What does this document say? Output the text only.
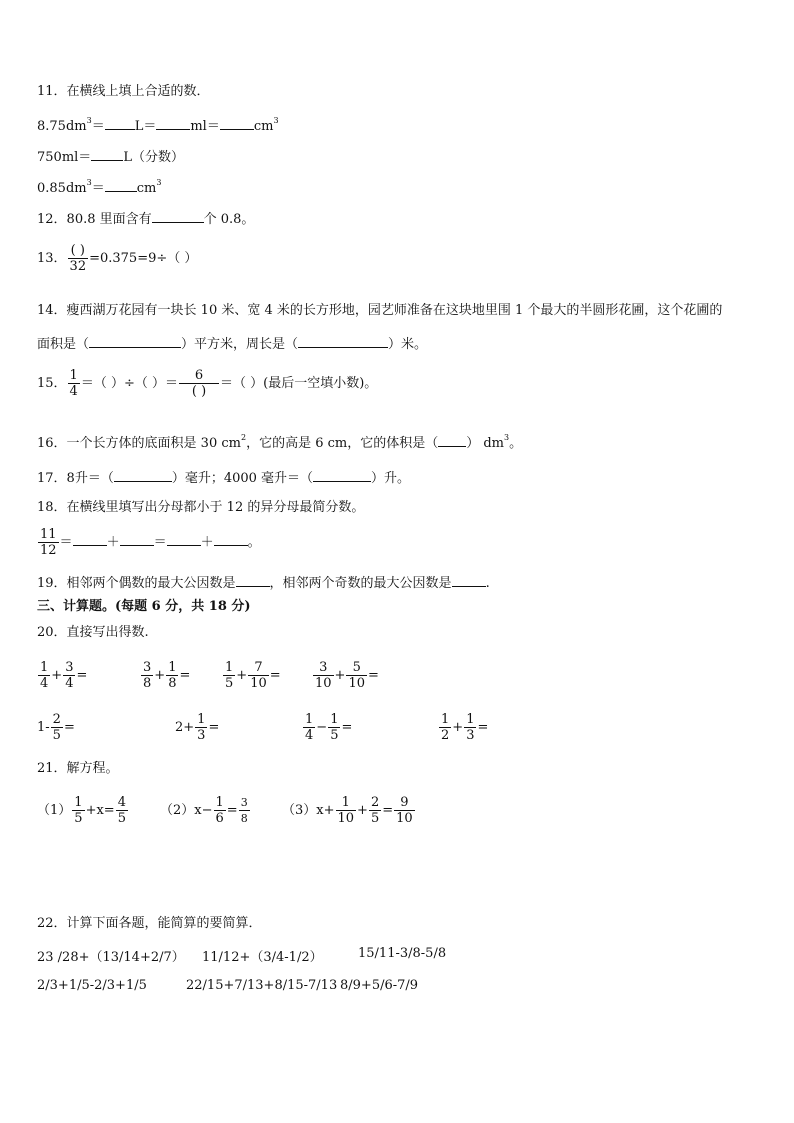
11．在横线上填上合适的数．
$8.75dm^3= L=$	ml＝	$cm^3$
750ml＝ L（分数）
$0.85dm^3= cm^3$
12．80.8 里面含有	个 0.8。
13． $\frac{( )}{32} =0.375=9\div$（ ）
14．瘦西湖万花园有一块长 10 米、宽 4 米的长方形地，园艺师准备在这块地里围 1 个最大的半圆形花圃，这个花圃的
面积是（	）平方米，周长是（	）米。
15． $\frac{1}{4}$ ＝（ ）÷（ ）＝ $\frac{6}{( )}$ ＝（ ）(最后一空填小数)。
16．一个长方体的底面积是 30 $cm^2$，它的高是 6 cm，它的体积是（ ） $dm^3$。
17．8升＝（	）毫升；4000 毫升＝（	）升。
18．在横线里填写出分母都小于 12 的异分母最简分数。
$\frac{11}{12}$ ＝	＋	＝	＋	。
19．相邻两个偶数的最大公因数是	，相邻两个奇数的最大公因数是	.
三、计算题。(每题 6 分，共 18 分)
20．直接写出得数.
$\frac{1}{4} + \frac{3}{4}$ =	$\frac{3}{8} + \frac{1}{8}$ =	$\frac{1}{5} + \frac{7}{10} = \frac{3}{10} + \frac{5}{10}$ =
$1- \frac{2}{5}$ =	$2+ \frac{1}{3}$ =	$\frac{1}{4} - \frac{1}{5}$ =	$\frac{1}{2} + \frac{1}{3}$ =
21．解方程。
$(1) \frac{1}{5} +x= \frac{4}{5} (2)x- \frac{1}{6} = \frac{3}{8} (3)x+ \frac{1}{10} + \frac{2}{5} = \frac{9}{10}$
22．计算下面各题，能简算的要简算．
23 /28+（13/14+2/7） 11/12+（3/4-1/2）	15/11-3/8-5/8
2/3+1/5-2/3+1/5	22/15+7/13+8/15-7/13 8/9+5/6-7/9
